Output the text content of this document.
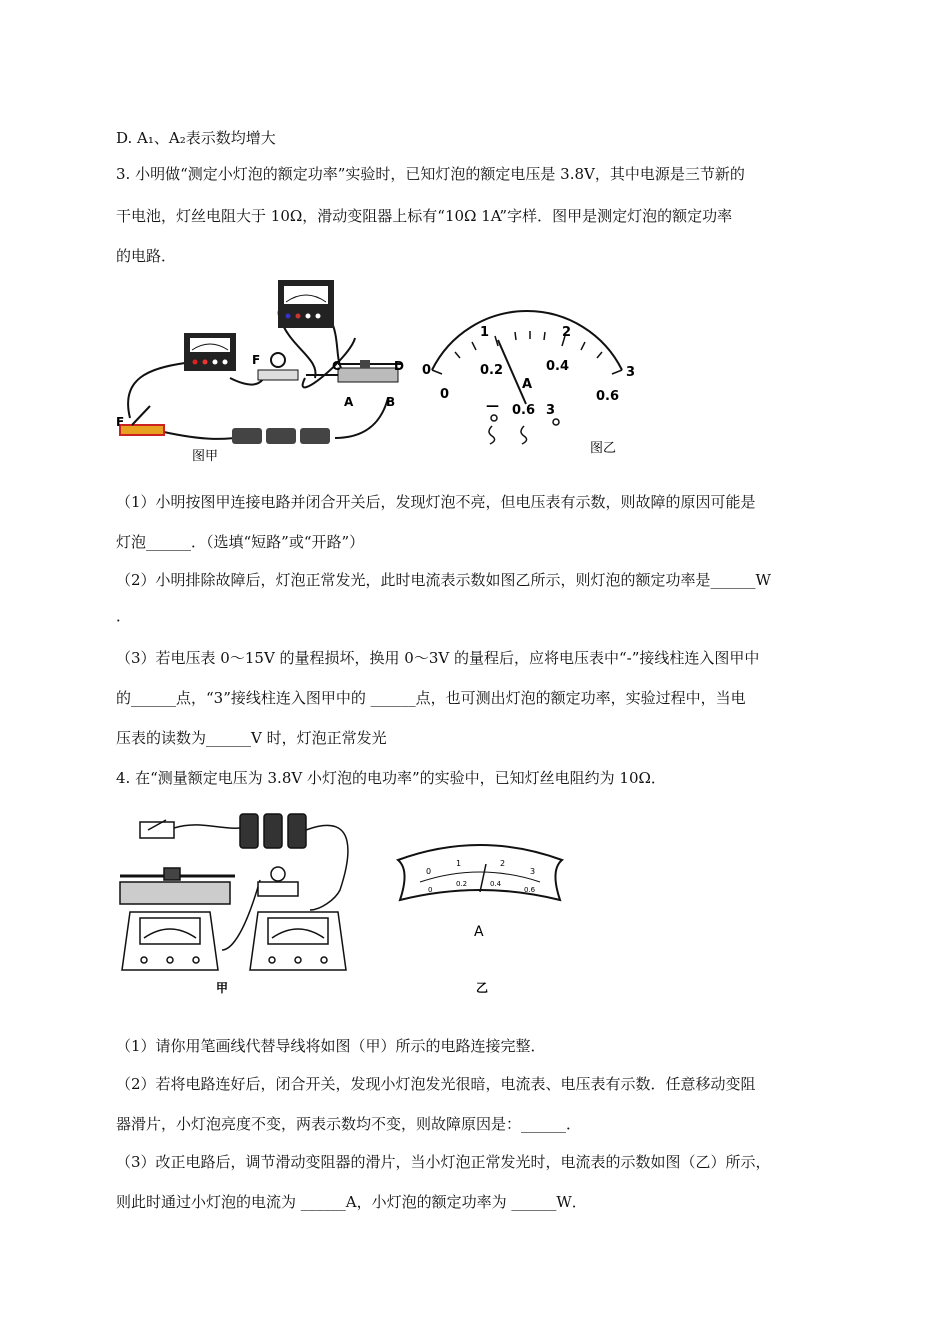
D. A₁、A₂表示数均增大
3. 小明做“测定小灯泡的额定功率”实验时，已知灯泡的额定电压是 3.8V，其中电源是三节新的
干电池，灯丝电阻大于 10Ω，滑动变阻器上标有“10Ω 1A”字样．图甲是测定灯泡的额定功率
的电路．
F
F
C	D
A	B
图甲
0
1	2
3
0
0.2	0.4
0.6
A
— 0.6 3
图乙
（1）小明按图甲连接电路并闭合开关后，发现灯泡不亮，但电压表有示数，则故障的原因可能是
灯泡______．（选填“短路”或“开路”）
（2）小明排除故障后，灯泡正常发光，此时电流表示数如图乙所示，则灯泡的额定功率是______W
．
（3）若电压表 0～15V 的量程损坏，换用 0～3V 的量程后，应将电压表中“-”接线柱连入图甲中
的______点，“3”接线柱连入图甲中的 ______点，也可测出灯泡的额定功率，实验过程中，当电
压表的读数为______V 时，灯泡正常发光
4. 在“测量额定电压为 3.8V 小灯泡的电功率”的实验中，已知灯丝电阻约为 10Ω．
甲
0
1	2
3
0
0.2	0.4
0.6
A
乙
（1）请你用笔画线代替导线将如图（甲）所示的电路连接完整．
（2）若将电路连好后，闭合开关，发现小灯泡发光很暗，电流表、电压表有示数．任意移动变阻
器滑片，小灯泡亮度不变，两表示数均不变，则故障原因是：______．
（3）改正电路后，调节滑动变阻器的滑片，当小灯泡正常发光时，电流表的示数如图（乙）所示，
则此时通过小灯泡的电流为 ______A，小灯泡的额定功率为 ______W．
